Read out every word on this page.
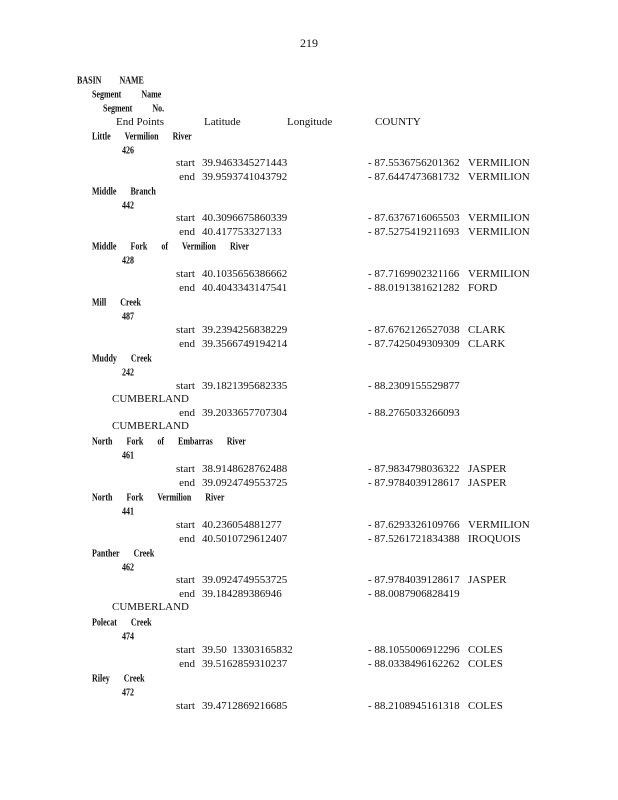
219
BASIN NAME
Segment	Name
Segment	No.
End Points	Latitude	Longitude	COUNTY
Little Vermilion River
426
start 39.9463345271443	- 87.5536756201362 VERMILION
end 39.9593741043792	- 87.6447473681732 VERMILION
Middle Branch
442
start 40.3096675860339	- 87.6376716065503 VERMILION
end 40.417753327133	- 87.5275419211693 VERMILION
Middle Fork of Vermilion River
428
start 40.1035656386662	- 87.7169902321166 VERMILION
end 40.4043343147541	- 88.0191381621282 FORD
Mill Creek
487
start 39.2394256838229	- 87.6762126527038 CLARK
end 39.3566749194214	- 87.7425049309309 CLARK
Muddy Creek
242
start 39.1821395682335	- 88.2309155529877
CUMBERLAND
end 39.2033657707304	- 88.2765033266093
CUMBERLAND
North Fork of Embarras River
461
start 38.9148628762488	- 87.9834798036322 JASPER
end 39.0924749553725	- 87.9784039128617 JASPER
North Fork Vermilion River
441
start 40.236054881277	- 87.6293326109766 VERMILION
end 40.5010729612407	- 87.5261721834388 IROQUOIS
Panther Creek
462
start 39.0924749553725	- 87.9784039128617 JASPER
end 39.184289386946	- 88.0087906828419
CUMBERLAND
Polecat Creek
474
start 39.50  13303165832	- 88.1055006912296 COLES
end 39.5162859310237	- 88.0338496162262 COLES
Riley Creek
472
start 39.4712869216685	- 88.2108945161318 COLES
